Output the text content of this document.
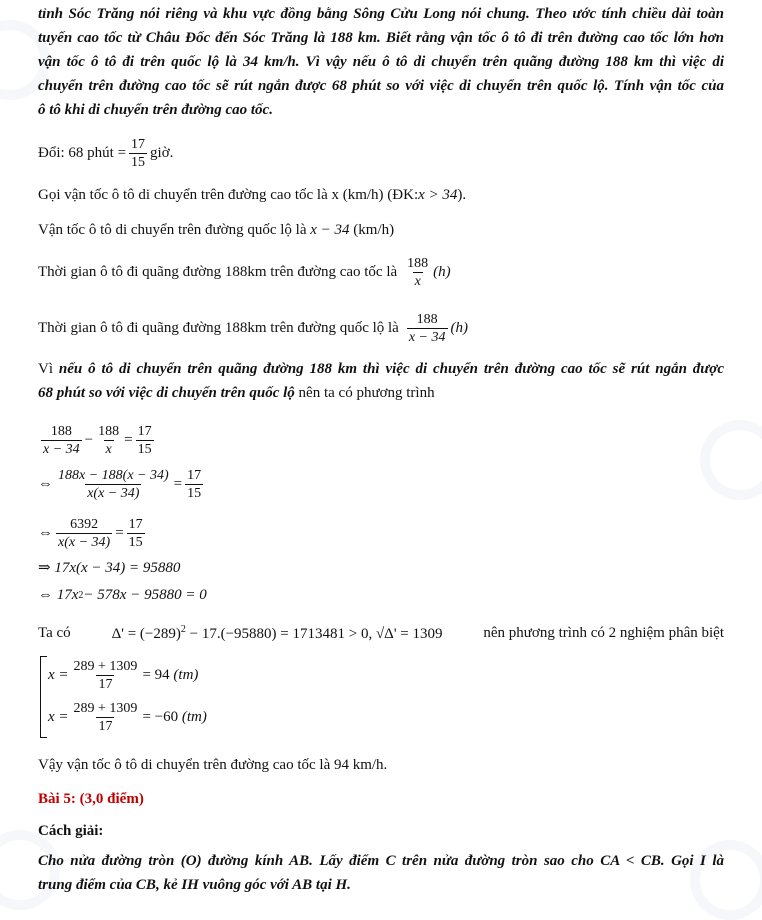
tỉnh Sóc Trăng nói riêng và khu vực đồng bằng Sông Cửu Long nói chung. Theo ước tính chiều dài toàn
tuyến cao tốc từ Châu Đốc đến Sóc Trăng là 188 km. Biết rằng vận tốc ô tô đi trên đường cao tốc lớn hơn
vận tốc ô tô đi trên quốc lộ là 34 km/h. Vì vậy nếu ô tô di chuyển trên quãng đường 188 km thì việc di
chuyển trên đường cao tốc sẽ rút ngắn được 68 phút so với việc di chuyển trên quốc lộ. Tính vận tốc của
ô tô khi di chuyển trên đường cao tốc.
Đổi: 68 phút = $\frac{17}{15}$ giờ.
Gọi vận tốc ô tô di chuyển trên đường cao tốc là x (km/h) (ĐK: x > 34 ).
Vận tốc ô tô di chuyển trên đường quốc lộ là
x − 34
(km/h)
Thời gian ô tô đi quãng đường 188km trên đường cao tốc là $\frac{188}{x} (h)$
Thời gian ô tô đi quãng đường 188km trên đường quốc lộ là $\frac{188}{x - 34} (h)$
Vì nếu ô tô di chuyển trên quãng đường 188 km thì việc di chuyển trên đường cao tốc sẽ rút ngắn được
68 phút so với việc di chuyển trên quốc lộ nên ta có phương trình
$\frac{188}{x - 34} - \frac{188}{x} = \frac{17}{15}$
⇔ $\frac{188x - 188(x - 34)}{x(x - 34)} = \frac{17}{15}$
⇔ $\frac{6392}{x(x - 34)} = \frac{17}{15}$
⇒ 17x(x − 34) = 95880
⇔ 17x 2 − 578x − 95880 = 0
Ta có	$\Delta' = (-289)^2 - 17.(-95880) = 1713481 > 0$, √Δ' = 1309	nên phương trình có 2 nghiệm phân biệt
$x = \frac{289 + 1309}{17} = 94$
(tm)
$x = \frac{289 + 1309}{17} = -60$
(tm)
Vậy vận tốc ô tô di chuyển trên đường cao tốc là 94 km/h.
Bài 5: (3,0 điểm)
Cách giải:
Cho nửa đường tròn (O) đường kính AB. Lấy điểm C trên nửa đường tròn sao cho CA < CB. Gọi I là
trung điểm của CB, kẻ IH vuông góc với AB tại H.
